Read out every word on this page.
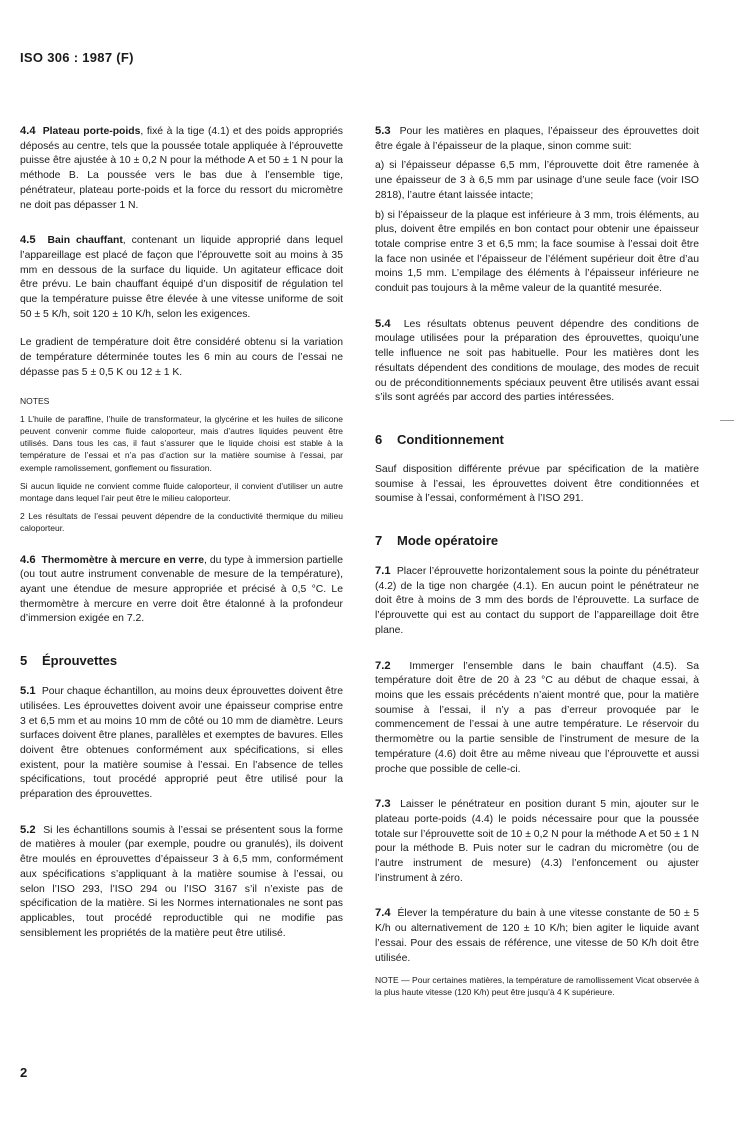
ISO 306 : 1987 (F)

4.4 Plateau porte-poids, fixé à la tige (4.1) et des poids appropriés déposés au centre, tels que la poussée totale appliquée à l’éprouvette puisse être ajustée à 10 ± 0,2 N pour la méthode A et 50 ± 1 N pour la méthode B. La poussée vers le bas due à l’ensemble tige, pénétrateur, plateau porte-poids et la force du ressort du micromètre ne doit pas dépasser 1 N.

4.5 Bain chauffant, contenant un liquide approprié dans lequel l’appareillage est placé de façon que l’éprouvette soit au moins à 35 mm en dessous de la surface du liquide. Un agitateur efficace doit être prévu. Le bain chauffant équipé d’un dispositif de régulation tel que la température puisse être élevée à une vitesse uniforme de soit 50 ± 5 K/h, soit 120 ± 10 K/h, selon les exigences.

Le gradient de température doit être considéré obtenu si la variation de température déterminée toutes les 6 min au cours de l’essai ne dépasse pas 5 ± 0,5 K ou 12 ± 1 K.

NOTES

1 L’huile de paraffine, l’huile de transformateur, la glycérine et les huiles de silicone peuvent convenir comme fluide caloporteur, mais d’autres liquides peuvent être utilisés. Dans tous les cas, il faut s’assurer que le liquide choisi est stable à la température de l’essai et n’a pas d’action sur la matière soumise à l’essai, par exemple ramolissement, gonflement ou fissuration.

Si aucun liquide ne convient comme fluide caloporteur, il convient d’utiliser un autre montage dans lequel l’air peut être le milieu caloporteur.

2 Les résultats de l’essai peuvent dépendre de la conductivité thermique du milieu caloporteur.

4.6 Thermomètre à mercure en verre, du type à immersion partielle (ou tout autre instrument convenable de mesure de la température), ayant une étendue de mesure appropriée et précisé à 0,5 °C. Le thermomètre à mercure en verre doit être étalonné à la profondeur d’immersion exigée en 7.2.

5 Éprouvettes

5.1 Pour chaque échantillon, au moins deux éprouvettes doivent être utilisées. Les éprouvettes doivent avoir une épaisseur comprise entre 3 et 6,5 mm et au moins 10 mm de côté ou 10 mm de diamètre. Leurs surfaces doivent être planes, parallèles et exemptes de bavures. Elles doivent être obtenues conformément aux spécifications, si elles existent, pour la matière soumise à l’essai. En l’absence de telles spécifications, tout procédé approprié peut être utilisé pour la préparation des éprouvettes.

5.2 Si les échantillons soumis à l’essai se présentent sous la forme de matières à mouler (par exemple, poudre ou granulés), ils doivent être moulés en éprouvettes d’épaisseur 3 à 6,5 mm, conformément aux spécifications s’appliquant à la matière soumise à l’essai, ou selon l’ISO 293, l’ISO 294 ou l’ISO 3167 s’il n’existe pas de spécification de la matière. Si les Normes internationales ne sont pas applicables, tout procédé reproductible qui ne modifie pas sensiblement les propriétés de la matière peut être utilisé.

5.3 Pour les matières en plaques, l’épaisseur des éprouvettes doit être égale à l’épaisseur de la plaque, sinon comme suit:

a) si l’épaisseur dépasse 6,5 mm, l’éprouvette doit être ramenée à une épaisseur de 3 à 6,5 mm par usinage d’une seule face (voir ISO 2818), l’autre étant laissée intacte;

b) si l’épaisseur de la plaque est inférieure à 3 mm, trois éléments, au plus, doivent être empilés en bon contact pour obtenir une épaisseur totale comprise entre 3 et 6,5 mm; la face soumise à l’essai doit être la face non usinée et l’épaisseur de l’élément supérieur doit être d’au moins 1,5 mm. L’empilage des éléments à l’épaisseur inférieure ne conduit pas toujours à la même valeur de la quantité mesurée.

5.4 Les résultats obtenus peuvent dépendre des conditions de moulage utilisées pour la préparation des éprouvettes, quoiqu’une telle influence ne soit pas habituelle. Pour les matières dont les résultats dépendent des conditions de moulage, des modes de recuit ou de préconditionnements spéciaux peuvent être utilisés avant essai s’ils sont agréés par accord des parties intéressées.

6 Conditionnement

Sauf disposition différente prévue par spécification de la matière soumise à l’essai, les éprouvettes doivent être conditionnées et soumise à l’essai, conformément à l’ISO 291.

7 Mode opératoire

7.1 Placer l’éprouvette horizontalement sous la pointe du pénétrateur (4.2) de la tige non chargée (4.1). En aucun point le pénétrateur ne doit être à moins de 3 mm des bords de l’éprouvette. La surface de l’éprouvette qui est au contact du support de l’appareillage doit être plane.

7.2 Immerger l’ensemble dans le bain chauffant (4.5). Sa température doit être de 20 à 23 °C au début de chaque essai, à moins que les essais précédents n’aient montré que, pour la matière soumise à l’essai, il n’y a pas d’erreur provoquée par le commencement de l’essai à une autre température. Le réservoir du thermomètre ou la partie sensible de l’instrument de mesure de la température (4.6) doit être au même niveau que l’éprouvette et aussi proche que possible de celle-ci.

7.3 Laisser le pénétrateur en position durant 5 min, ajouter sur le plateau porte-poids (4.4) le poids nécessaire pour que la poussée totale sur l’éprouvette soit de 10 ± 0,2 N pour la méthode A et 50 ± 1 N pour la méthode B. Puis noter sur le cadran du micromètre (ou de l’autre instrument de mesure) (4.3) l’enfoncement ou ajuster l’instrument à zéro.

7.4 Élever la température du bain à une vitesse constante de 50 ± 5 K/h ou alternativement de 120 ± 10 K/h; bien agiter le liquide avant l’essai. Pour des essais de référence, une vitesse de 50 K/h doit être utilisée.

NOTE — Pour certaines matières, la température de ramollissement Vicat observée à la plus haute vitesse (120 K/h) peut être jusqu’à 4 K supérieure.

2
